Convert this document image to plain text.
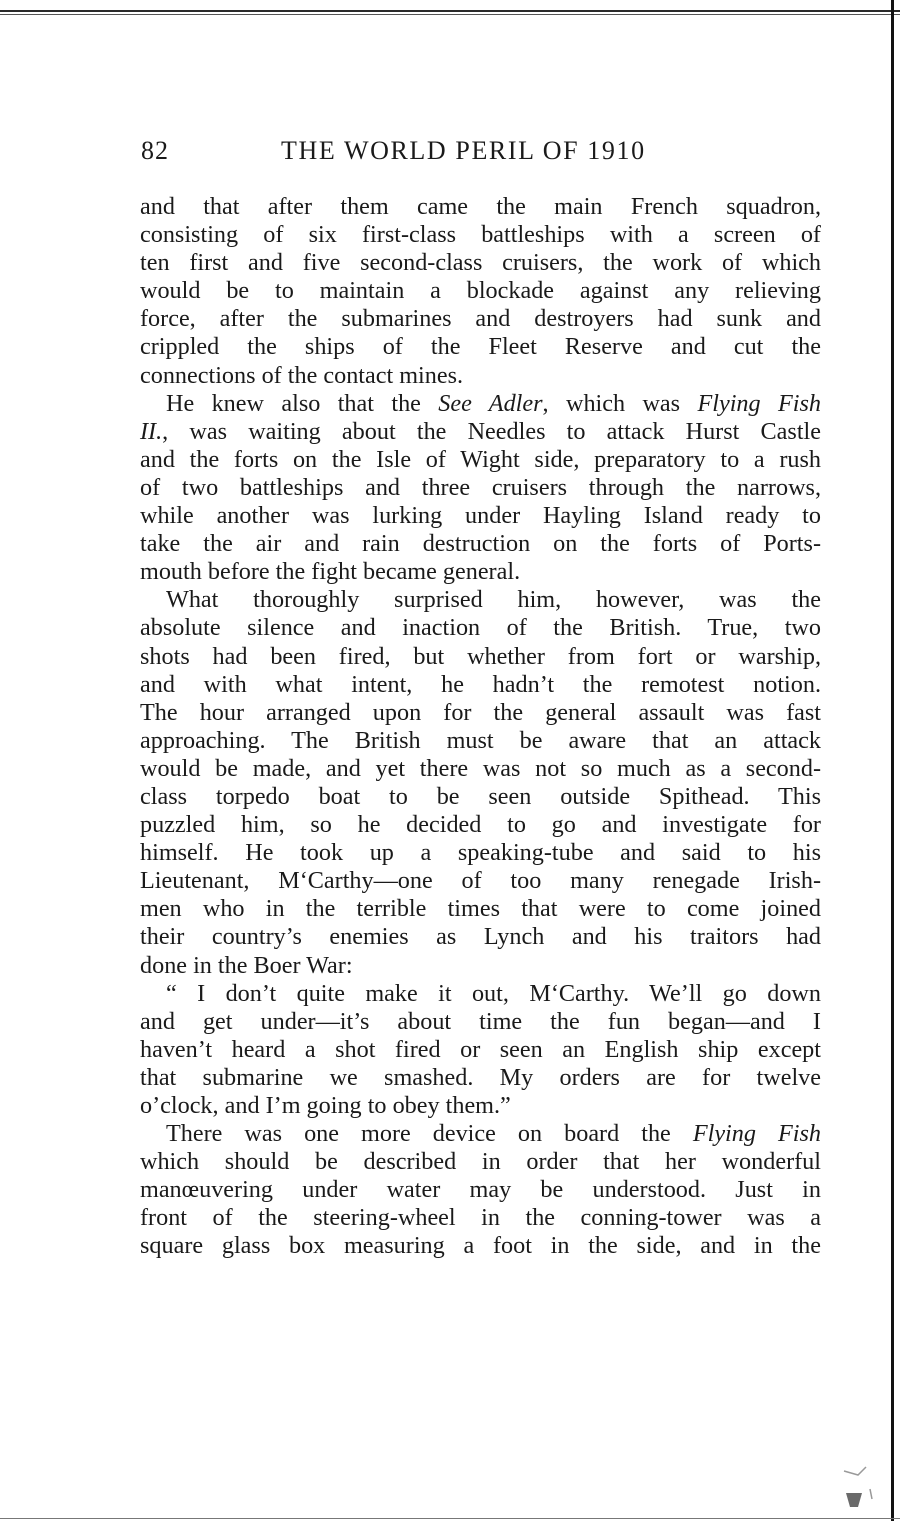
82	THE WORLD PERIL OF 1910
and that after them came the main French squadron,
consisting of six first-class battleships with a screen of
ten first and five second-class cruisers, the work of which
would be to maintain a blockade against any relieving
force, after the submarines and destroyers had sunk and
crippled the ships of the Fleet Reserve and cut the
connections of the contact mines.
He knew also that the See Adler, which was Flying Fish
II., was waiting about the Needles to attack Hurst Castle
and the forts on the Isle of Wight side, preparatory to a rush
of two battleships and three cruisers through the narrows,
while another was lurking under Hayling Island ready to
take the air and rain destruction on the forts of Ports-
mouth before the fight became general.
What thoroughly surprised him, however, was the
absolute silence and inaction of the British. True, two
shots had been fired, but whether from fort or warship,
and with what intent, he hadn’t the remotest notion.
The hour arranged upon for the general assault was fast
approaching. The British must be aware that an attack
would be made, and yet there was not so much as a second-
class torpedo boat to be seen outside Spithead. This
puzzled him, so he decided to go and investigate for
himself. He took up a speaking-tube and said to his
Lieutenant, M‘Carthy—one of too many renegade Irish-
men who in the terrible times that were to come joined
their country’s enemies as Lynch and his traitors had
done in the Boer War:
“ I don’t quite make it out, M‘Carthy. We’ll go down
and get under—it’s about time the fun began—and I
haven’t heard a shot fired or seen an English ship except
that submarine we smashed. My orders are for twelve
o’clock, and I’m going to obey them.”
There was one more device on board the Flying Fish
which should be described in order that her wonderful
manœuvering under water may be understood. Just in
front of the steering-wheel in the conning-tower was a
square glass box measuring a foot in the side, and in the
